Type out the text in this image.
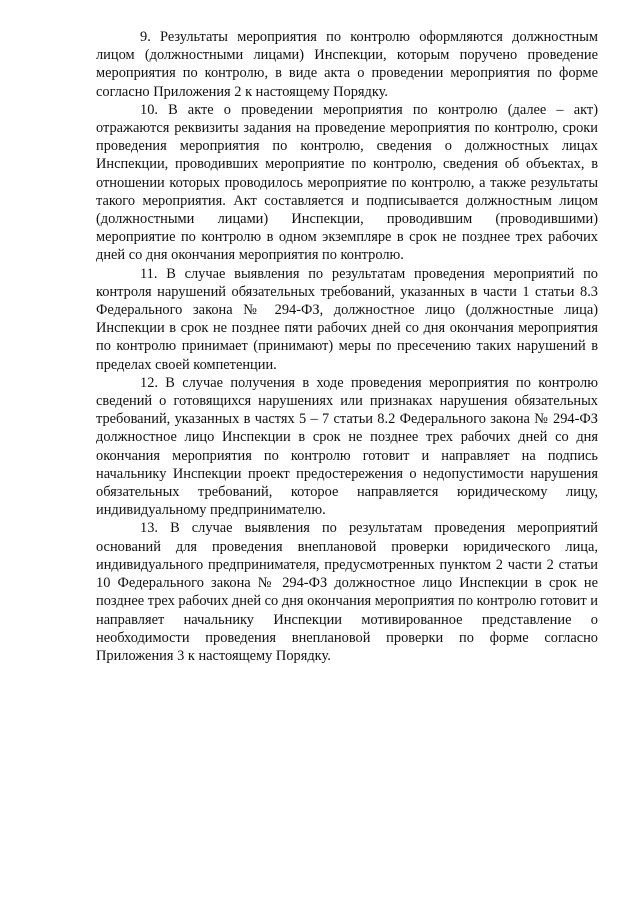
9. Результаты мероприятия по контролю оформляются должностным лицом (должностными лицами) Инспекции, которым поручено проведение мероприятия по контролю, в виде акта о проведении мероприятия по форме согласно Приложения 2 к настоящему Порядку.

10. В акте о проведении мероприятия по контролю (далее – акт) отражаются реквизиты задания на проведение мероприятия по контролю, сроки проведения мероприятия по контролю, сведения о должностных лицах Инспекции, проводивших мероприятие по контролю, сведения об объектах, в отношении которых проводилось мероприятие по контролю, а также результаты такого мероприятия. Акт составляется и подписывается должностным лицом (должностными лицами) Инспекции, проводившим (проводившими) мероприятие по контролю в одном экземпляре в срок не позднее трех рабочих дней со дня окончания мероприятия по контролю.

11. В случае выявления по результатам проведения мероприятий по контроля нарушений обязательных требований, указанных в части 1 статьи 8.3 Федерального закона № 294-ФЗ, должностное лицо (должностные лица) Инспекции в срок не позднее пяти рабочих дней со дня окончания мероприятия по контролю принимает (принимают) меры по пресечению таких нарушений в пределах своей компетенции.

12. В случае получения в ходе проведения мероприятия по контролю сведений о готовящихся нарушениях или признаках нарушения обязательных требований, указанных в частях 5 – 7 статьи 8.2 Федерального закона № 294-ФЗ должностное лицо Инспекции в срок не позднее трех рабочих дней со дня окончания мероприятия по контролю готовит и направляет на подпись начальнику Инспекции проект предостережения о недопустимости нарушения обязательных требований, которое направляется юридическому лицу, индивидуальному предпринимателю.

13. В случае выявления по результатам проведения мероприятий оснований для проведения внеплановой проверки юридического лица, индивидуального предпринимателя, предусмотренных пунктом 2 части 2 статьи 10 Федерального закона № 294-ФЗ должностное лицо Инспекции в срок не позднее трех рабочих дней со дня окончания мероприятия по контролю готовит и направляет начальнику Инспекции мотивированное представление о необходимости проведения внеплановой проверки по форме согласно Приложения 3 к настоящему Порядку.
